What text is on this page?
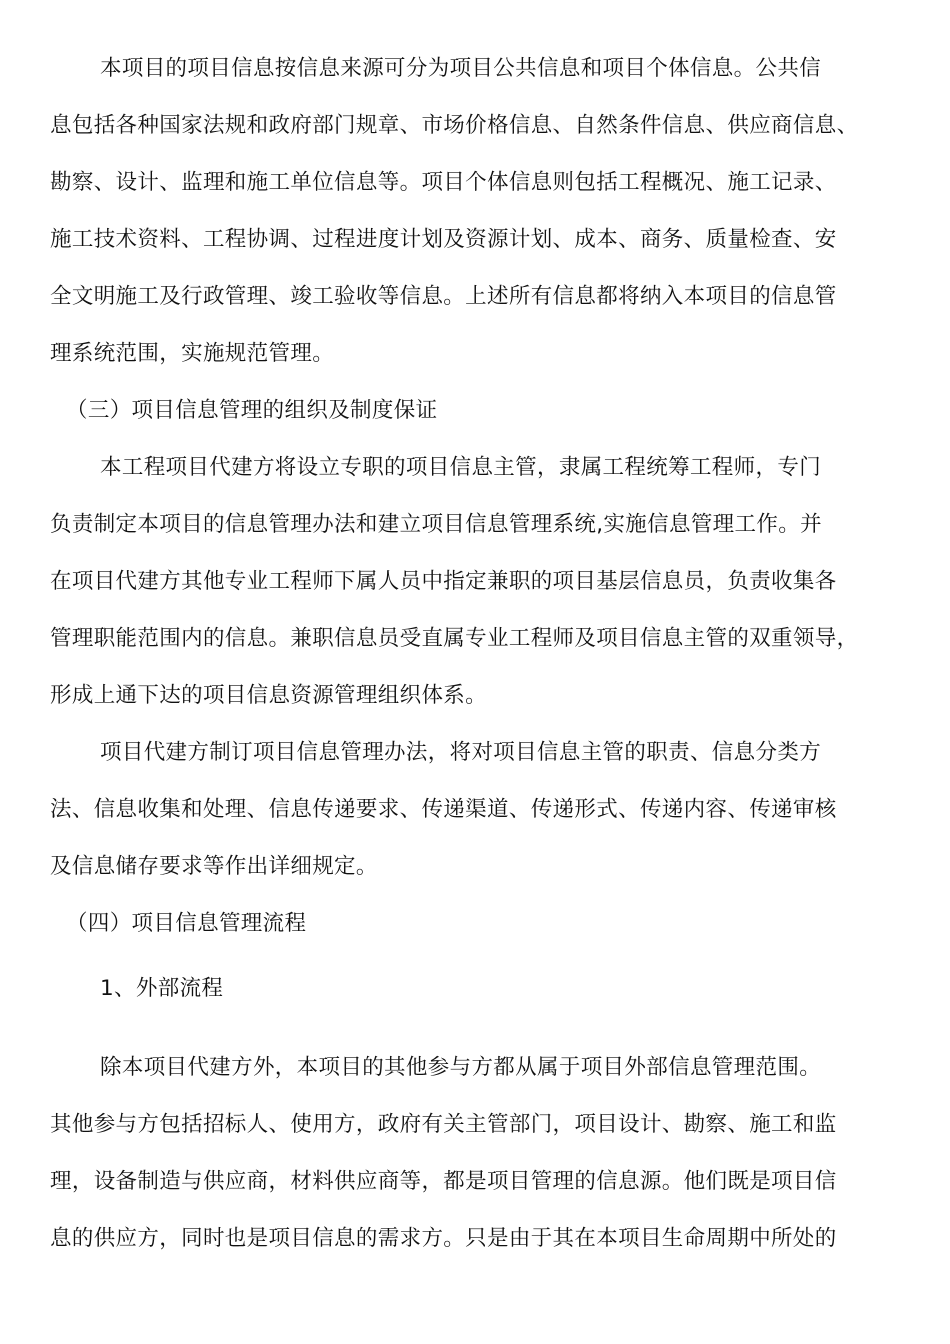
本项目的项目信息按信息来源可分为项目公共信息和项目个体信息。公共信
息包括各种国家法规和政府部门规章、市场价格信息、自然条件信息、供应商信息、
勘察、设计、监理和施工单位信息等。项目个体信息则包括工程概况、施工记录、
施工技术资料、工程协调、过程进度计划及资源计划、成本、商务、质量检查、安
全文明施工及行政管理、竣工验收等信息。上述所有信息都将纳入本项目的信息管
理系统范围，实施规范管理。
（三）项目信息管理的组织及制度保证
本工程项目代建方将设立专职的项目信息主管，隶属工程统筹工程师，专门
负责制定本项目的信息管理办法和建立项目信息管理系统,实施信息管理工作。并
在项目代建方其他专业工程师下属人员中指定兼职的项目基层信息员，负责收集各
管理职能范围内的信息。兼职信息员受直属专业工程师及项目信息主管的双重领导，
形成上通下达的项目信息资源管理组织体系。
项目代建方制订项目信息管理办法，将对项目信息主管的职责、信息分类方
法、信息收集和处理、信息传递要求、传递渠道、传递形式、传递内容、传递审核
及信息储存要求等作出详细规定。
（四）项目信息管理流程
1、外部流程
除本项目代建方外，本项目的其他参与方都从属于项目外部信息管理范围。
其他参与方包括招标人、使用方，政府有关主管部门，项目设计、勘察、施工和监
理，设备制造与供应商，材料供应商等，都是项目管理的信息源。他们既是项目信
息的供应方，同时也是项目信息的需求方。只是由于其在本项目生命周期中所处的
